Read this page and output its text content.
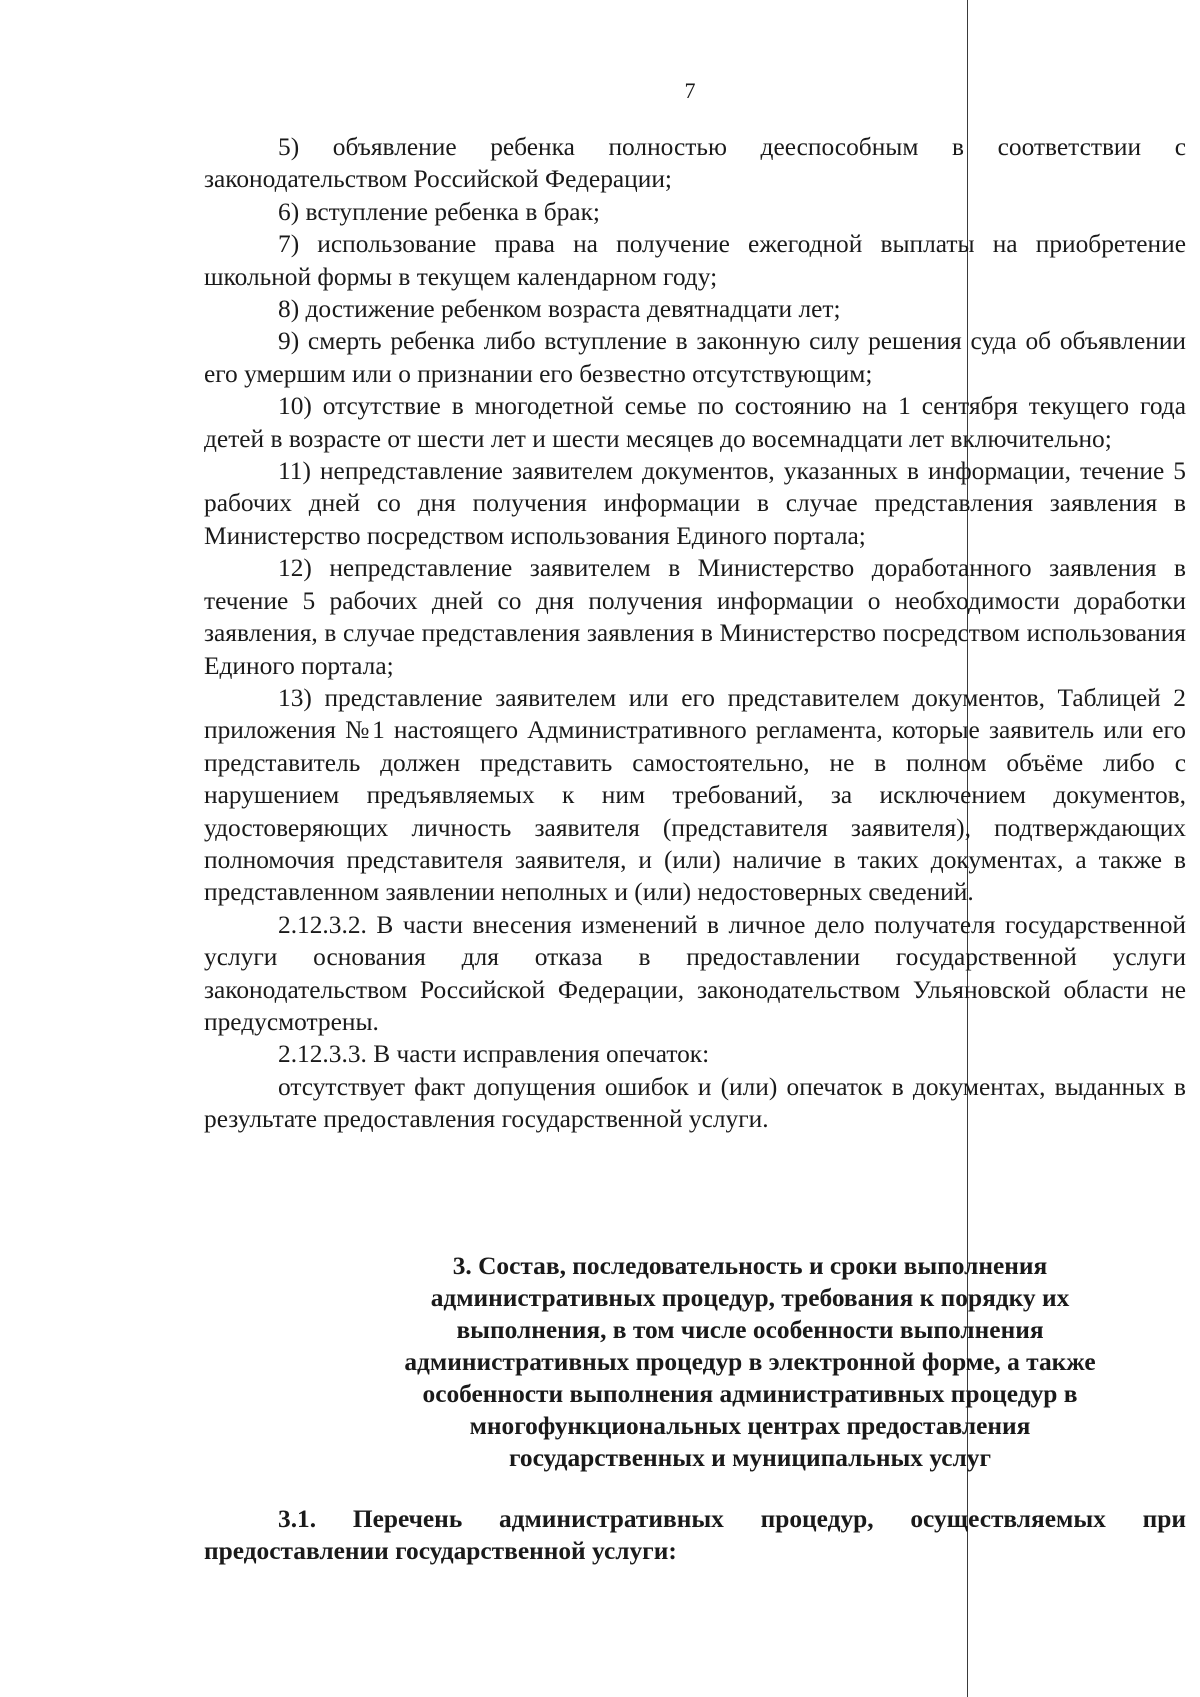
7

5) объявление ребенка полностью дееспособным в соответствии с законодательством Российской Федерации;

6) вступление ребенка в брак;

7) использование права на получение ежегодной выплаты на приобретение школьной формы в текущем календарном году;

8) достижение ребенком возраста девятнадцати лет;

9) смерть ребенка либо вступление в законную силу решения суда об объявлении его умершим или о признании его безвестно отсутствующим;

10) отсутствие в многодетной семье по состоянию на 1 сентября текущего года детей в возрасте от шести лет и шести месяцев до восемнадцати лет включительно;

11) непредставление заявителем документов, указанных в информации, течение 5 рабочих дней со дня получения информации в случае представления заявления в Министерство посредством использования Единого портала;

12) непредставление заявителем в Министерство доработанного заявления в течение 5 рабочих дней со дня получения информации о необходимости доработки заявления, в случае представления заявления в Министерство посредством использования Единого портала;

13) представление заявителем или его представителем документов, Таблицей 2 приложения №1 настоящего Административного регламента, которые заявитель или его представитель должен представить самостоятельно, не в полном объёме либо с нарушением предъявляемых к ним требований, за исключением документов, удостоверяющих личность заявителя (представителя заявителя), подтверждающих полномочия представителя заявителя, и (или) наличие в таких документах, а также в представленном заявлении неполных и (или) недостоверных сведений.

2.12.3.2. В части внесения изменений в личное дело получателя государственной услуги основания для отказа в предоставлении государственной услуги законодательством Российской Федерации, законодательством Ульяновской области не предусмотрены.

2.12.3.3. В части исправления опечаток:

отсутствует факт допущения ошибок и (или) опечаток в документах, выданных в результате предоставления государственной услуги.

3. Состав, последовательность и сроки выполнения
административных процедур, требования к порядку их
выполнения, в том числе особенности выполнения
административных процедур в электронной форме, а также
особенности выполнения административных процедур в
многофункциональных центрах предоставления
государственных и муниципальных услуг

3.1. Перечень административных процедур, осуществляемых при предоставлении государственной услуги:
